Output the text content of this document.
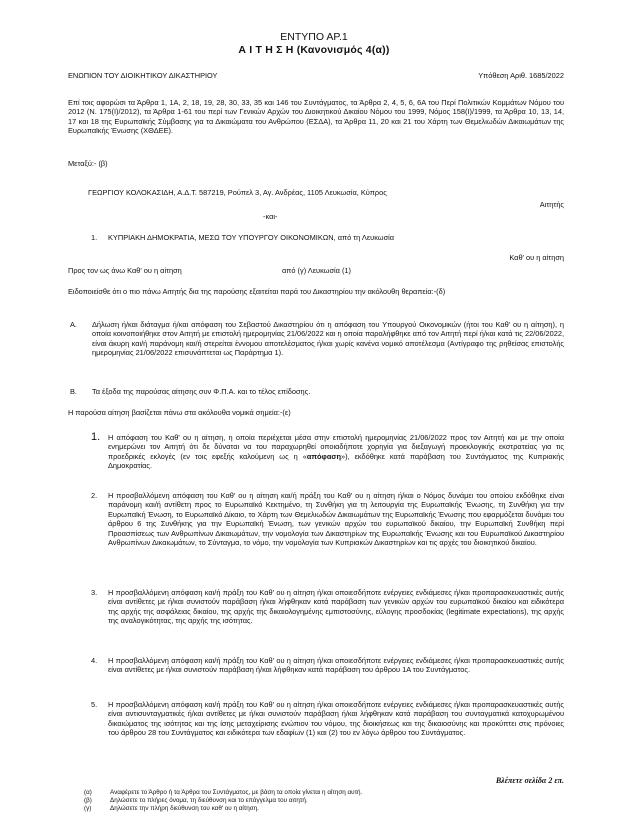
ΕΝΤΥΠΟ ΑΡ.1
Α Ι Τ Η Σ Η (Κανονισμός 4(α))
ΕΝΩΠΙΟΝ ΤΟΥ ΔΙΟΙΚΗΤΙΚΟΥ ΔΙΚΑΣΤΗΡΙΟΥ	Υπόθεση Αριθ. 1685/2022
Επί τοις αφορώσι τα Άρθρα 1, 1Α, 2, 18, 19, 28, 30, 33, 35 και 146 του Συντάγματος, τα Άρθρα 2, 4, 5, 6, 6Α του Περί Πολιτικών Κομμάτων Νόμου του 2012 (Ν. 175(Ι)/2012), τα Άρθρα 1-61 του περί των Γενικών Αρχών του Διοικητικού Δικαίου Νόμου του 1999, Νόμος 158(Ι)/1999, τα Άρθρα 10, 13, 14, 17 και 18 της Ευρωπαϊκής Σύμβασης για τα Δικαιώματα του Ανθρώπου (ΕΣΔΑ), τα Άρθρα 11, 20 και 21 του Χάρτη των Θεμελιωδών Δικαιωμάτων της Ευρωπαϊκής Ένωσης (ΧΘΔΕΕ).
Μεταξύ:- (β)
ΓΕΩΡΓΙΟΥ ΚΟΛΟΚΑΣΙΔΗ, Α.Δ.Τ. 587219, Ρούπελ 3, Αγ. Ανδρέας, 1105 Λευκωσία, Κύπρος
Αιτητής
-και-
1. ΚΥΠΡΙΑΚΗ ΔΗΜΟΚΡΑΤΙΑ, ΜΕΣΩ ΤΟΥ ΥΠΟΥΡΓΟΥ ΟΙΚΟΝΟΜΙΚΩΝ, από τη Λευκωσία
Καθ' ου η αίτηση
Προς τον ως άνω Καθ' ου η αίτηση	από (γ) Λευκωσία (1)
Ειδοποιείσθε ότι ο πιο πάνω Αιτητής δια της παρούσης εξαιτείται παρά του Δικαστηρίου την ακόλουθη θεραπεία:-(δ)
A. Δήλωση ή/και διάταγμα ή/και απόφαση του Σεβαστού Δικαστηρίου ότι η απόφαση του Υπουργού Οικονομικών (ήτοι του Καθ' ου η αίτηση), η οποία κοινοποιήθηκε στον Αιτητή με επιστολή ημερομηνίας 21/06/2022 και η οποία παραλήφθηκε από τον Αιτητή περί ή/και κατά τις 22/06/2022, είναι άκυρη και/ή παράνομη και/ή στερείται έννομου αποτελέσματος ή/και χωρίς κανένα νομικό αποτέλεσμα (Αντίγραφο της ρηθείσας επιστολής ημερομηνίας 21/06/2022 επισυνάπτεται ως Παράρτημα 1).
B. Τα έξοδα της παρούσας αίτησης συν Φ.Π.Α. και το τέλος επίδοσης.
Η παρούσα αίτηση βασίζεται πάνω στα ακόλουθα νομικά σημεία:-(ε)
1. Η απόφαση του Καθ' ου η αίτηση, η οποία περιέχεται μέσα στην επιστολή ημερομηνίας 21/06/2022 προς τον Αιτητή και με την οποία ενημερώνει τον Αιτητή ότι δε δύναται να του παραχωρηθεί οποιαδήποτε χορηγία για διεξαγωγή προεκλογικής εκστρατείας για τις προεδρικές εκλογές (εν τοις εφεξής καλούμενη ως η «απόφαση»), εκδόθηκε κατά παράβαση του Συντάγματος της Κυπριακής Δημοκρατίας.
2. Η προσβαλλόμενη απόφαση του Καθ' ου η αίτηση και/ή πράξη του Καθ' ου η αίτηση ή/και ο Νόμος δυνάμει του οποίου εκδόθηκε είναι παράνομη και/ή αντίθετη προς το Ευρωπαϊκό Κεκτημένο, τη Συνθήκη για τη λειτουργία της Ευρωπαϊκής Ένωσης, τη Συνθήκη για την Ευρωπαϊκή Ένωση, το Ευρωπαϊκό Δίκαιο, το Χάρτη των Θεμελιωδών Δικαιωμάτων της Ευρωπαϊκής Ένωσης που εφαρμόζεται δυνάμει του άρθρου 6 της Συνθήκης για την Ευρωπαϊκή Ένωση, των γενικών αρχών του ευρωπαϊκού δικαίου, την Ευρωπαϊκή Συνθήκη περί Προασπίσεως των Ανθρωπίνων Δικαιωμάτων, την νομολογία των Δικαστηρίων της Ευρωπαϊκής Ένωσης και του Ευρωπαϊκού Δικαστηρίου Ανθρωπίνων Δικαιωμάτων, το Σύνταγμα, το νόμο, την νομολογία των Κυπριακών Δικαστηρίων και τις αρχές του διοικητικού δικαίου.
3. Η προσβαλλόμενη απόφαση και/ή πράξη του Καθ' ου η αίτηση ή/και οποιεσδήποτε ενέργειες ενδιάμεσες ή/και προπαρασκευαστικές αυτής είναι αντίθετες με ή/και συνιστούν παράβαση ή/και λήφθηκαν κατά παράβαση των γενικών αρχών του ευρωπαϊκού δικαίου και ειδικότερα της αρχής της ασφάλειας δικαίου, της αρχής της δικαιολογημένης εμπιστοσύνης, εύλογης προσδοκίας (legitimate expectations), της αρχής της αναλογικότητας, της αρχής της ισότητας.
4. Η προσβαλλόμενη απόφαση και/ή πράξη του Καθ' ου η αίτηση ή/και οποιεσδήποτε ενέργειες ενδιάμεσες ή/και προπαρασκευαστικές αυτής είναι αντίθετες με ή/και συνιστούν παράβαση ή/και λήφθηκαν κατά παράβαση του άρθρου 1Α του Συντάγματος.
5. Η προσβαλλόμενη απόφαση και/ή πράξη του Καθ' ου η αίτηση ή/και οποιεσδήποτε ενέργειες ενδιάμεσες ή/και προπαρασκευαστικές αυτής είναι αντισυνταγματικές ή/και αντίθετες με ή/και συνιστούν παράβαση ή/και λήφθηκαν κατά παράβαση του συνταγματικά κατοχυρωμένου δικαιώματος της ισότητας και της ίσης μεταχείρισης ενώπιον του νόμου, της διοικήσεως και της δικαιοσύνης και προκύπτει στις πρόνοιες του άρθρου 28 του Συντάγματος και ειδικότερα των εδαφίων (1) και (2) του εν λόγω άρθρου του Συντάγματος.
Βλέπετε σελίδα 2 επ.
(α)	Αναφέρετε το Άρθρο ή τα Άρθρα του Συντάγματος, με βάση τα οποία γίνεται η αίτηση αυτή.
(β)	Δηλώσετε το πλήρες όνομα, τη διεύθυνση και το επάγγελμα του αιτητή.
(γ)	Δηλώσετε την πλήρη διεύθυνση του καθ' ου η αίτηση.
